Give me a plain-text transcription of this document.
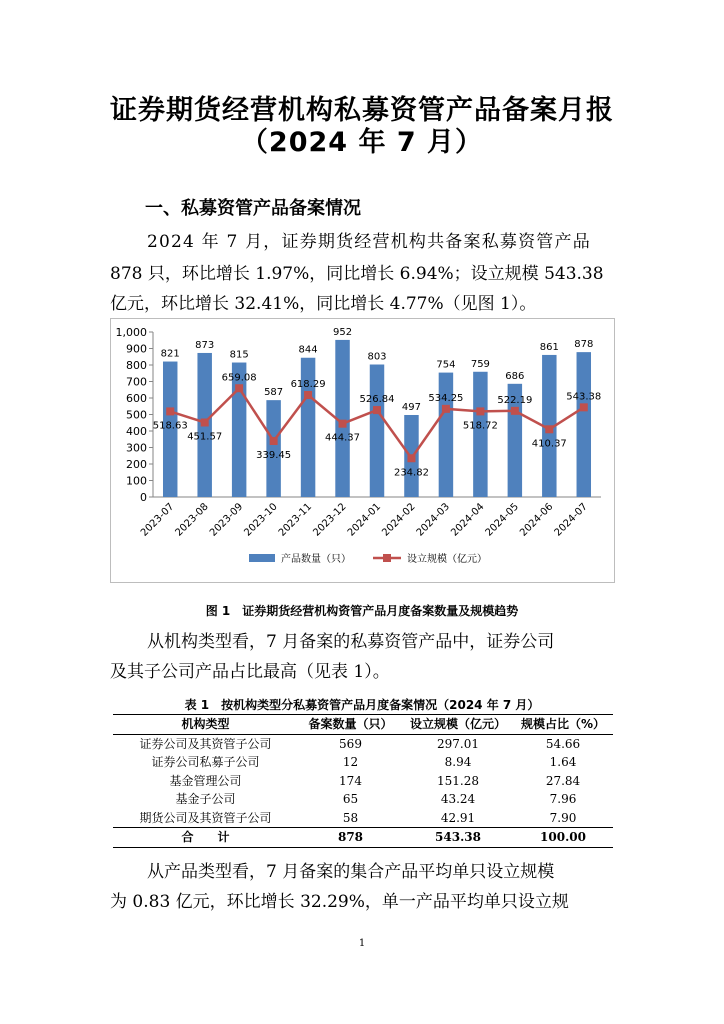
证券期货经营机构私募资管产品备案月报
（2024 年 7 月）
一、私募资管产品备案情况
2024 年 7 月，证券期货经营机构共备案私募资管产品
878 只，环比增长 1.97%，同比增长 6.94%；设立规模 543.38
亿元，环比增长 32.41%，同比增长 4.77%（见图 1）。
0
100
200
300
400
500
600
700
800
900
1,000
821
873
815
587
844
952
803
497
754 759
686
861 878
518.63
451.57
659.08
339.45
618.29
444.37
526.84
234.82
534.25
518.72
522.19
410.37
543.38
2023-07
2023-08
2023-09
2023-10
2023-11
2023-12
2024-01
2024-02
2024-03
2024-04
2024-05
2024-06
2024-07
产品数量（只）	设立规模（亿元）
图 1　证券期货经营机构资管产品月度备案数量及规模趋势
从机构类型看，7 月备案的私募资管产品中，证券公司
及其子公司产品占比最高（见表 1）。
表 1　按机构类型分私募资管产品月度备案情况（2024 年 7 月）
机构类型	备案数量（只）	设立规模（亿元）	规模占比（%）
证券公司及其资管子公司	569	297.01	54.66
证券公司私募子公司	12	8.94	1.64
基金管理公司	174	151.28	27.84
基金子公司	65	43.24	7.96
期货公司及其资管子公司	58	42.91	7.90
合　　计	878	543.38	100.00
从产品类型看，7 月备案的集合产品平均单只设立规模
为 0.83 亿元，环比增长 32.29%，单一产品平均单只设立规
1
